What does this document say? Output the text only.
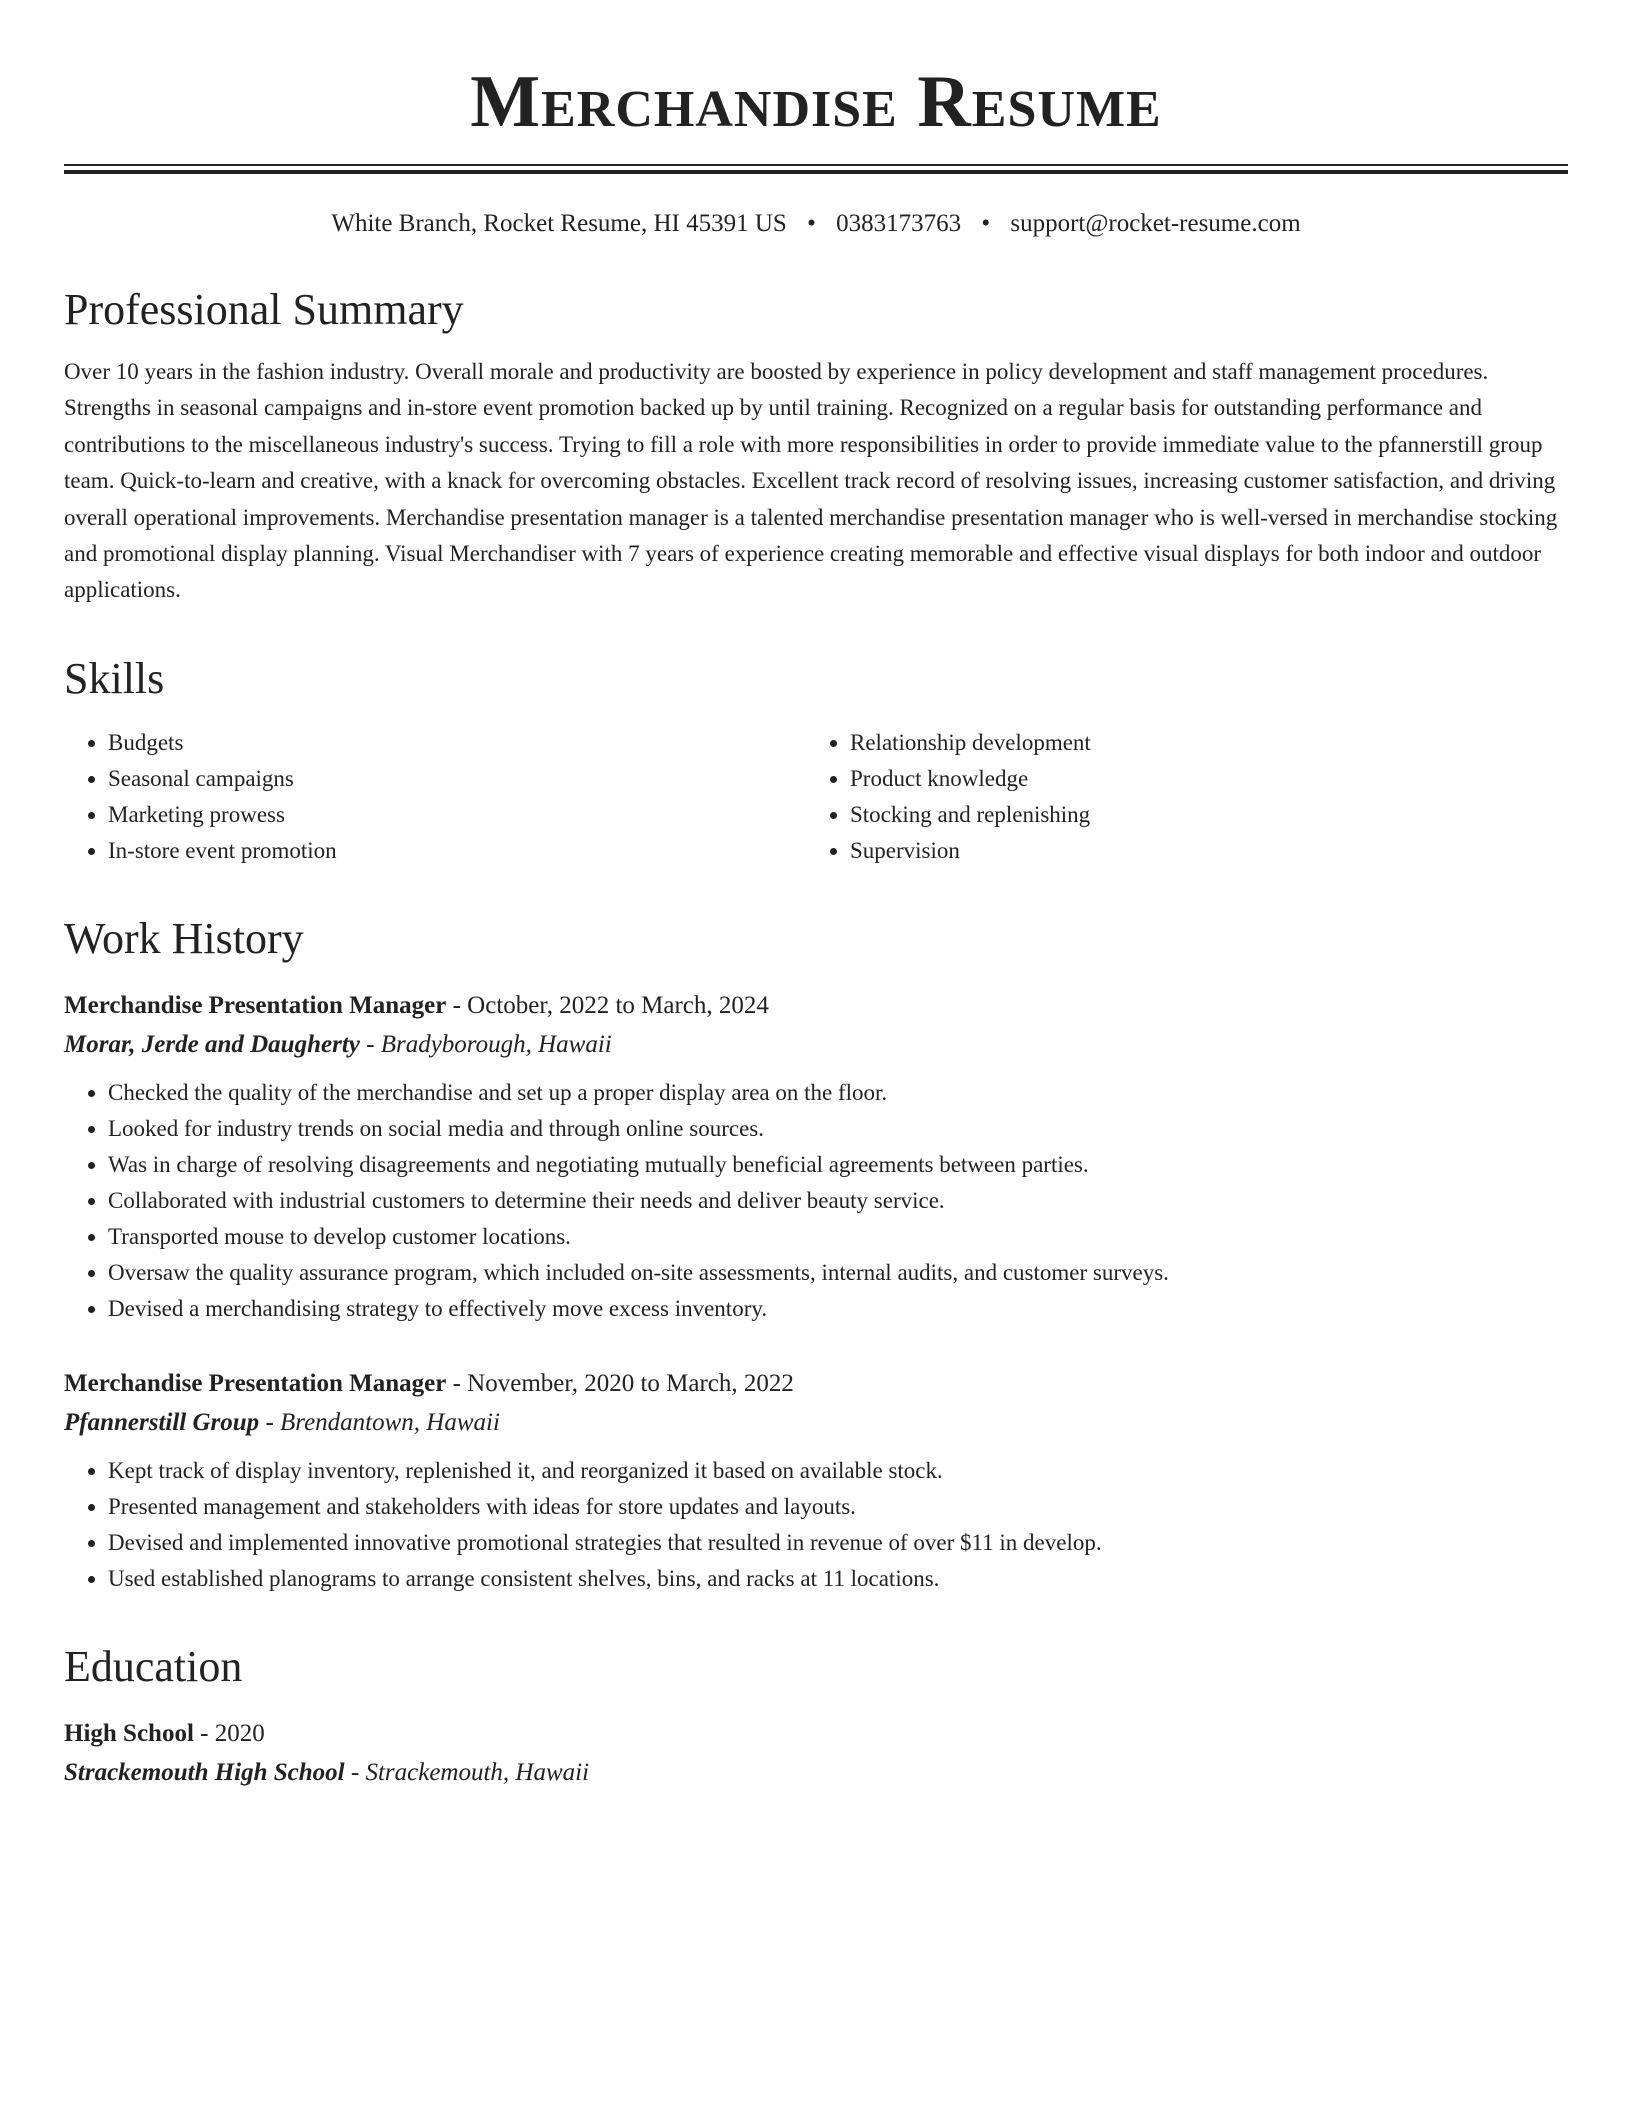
Merchandise Resume
White Branch, Rocket Resume, HI 45391 US • 0383173763 • support@rocket-resume.com
Professional Summary
Over 10 years in the fashion industry. Overall morale and productivity are boosted by experience in policy development and staff management procedures. Strengths in seasonal campaigns and in-store event promotion backed up by until training. Recognized on a regular basis for outstanding performance and contributions to the miscellaneous industry's success. Trying to fill a role with more responsibilities in order to provide immediate value to the pfannerstill group team. Quick-to-learn and creative, with a knack for overcoming obstacles. Excellent track record of resolving issues, increasing customer satisfaction, and driving overall operational improvements. Merchandise presentation manager is a talented merchandise presentation manager who is well-versed in merchandise stocking and promotional display planning. Visual Merchandiser with 7 years of experience creating memorable and effective visual displays for both indoor and outdoor applications.
Skills
• Budgets
• Seasonal campaigns
• Marketing prowess
• In-store event promotion
• Relationship development
• Product knowledge
• Stocking and replenishing
• Supervision
Work History
Merchandise Presentation Manager - October, 2022 to March, 2024
Morar, Jerde and Daugherty - Bradyborough, Hawaii
• Checked the quality of the merchandise and set up a proper display area on the floor.
• Looked for industry trends on social media and through online sources.
• Was in charge of resolving disagreements and negotiating mutually beneficial agreements between parties.
• Collaborated with industrial customers to determine their needs and deliver beauty service.
• Transported mouse to develop customer locations.
• Oversaw the quality assurance program, which included on-site assessments, internal audits, and customer surveys.
• Devised a merchandising strategy to effectively move excess inventory.
Merchandise Presentation Manager - November, 2020 to March, 2022
Pfannerstill Group - Brendantown, Hawaii
• Kept track of display inventory, replenished it, and reorganized it based on available stock.
• Presented management and stakeholders with ideas for store updates and layouts.
• Devised and implemented innovative promotional strategies that resulted in revenue of over $11 in develop.
• Used established planograms to arrange consistent shelves, bins, and racks at 11 locations.
Education
High School - 2020
Strackemouth High School - Strackemouth, Hawaii
